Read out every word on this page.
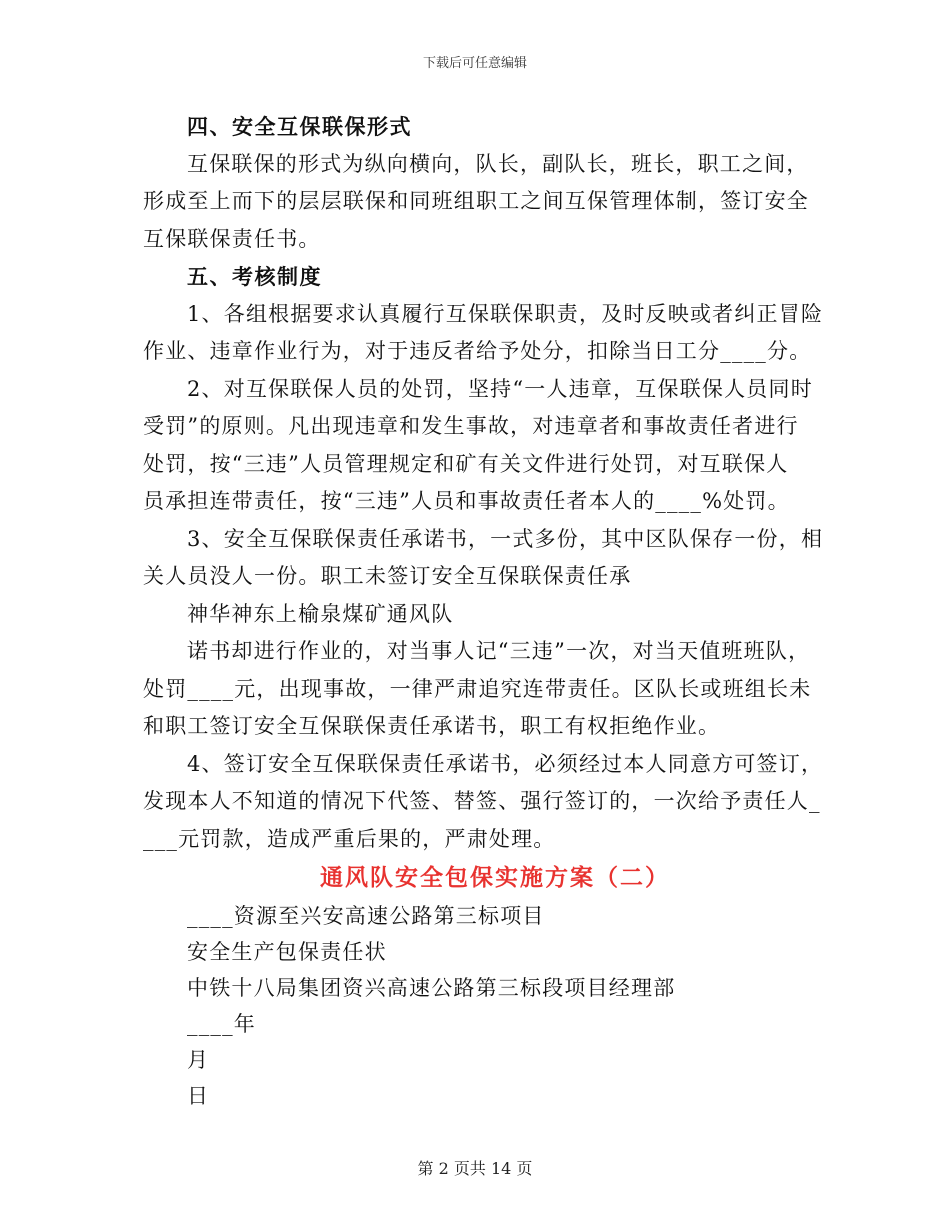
下载后可任意编辑
四、安全互保联保形式
互保联保的形式为纵向横向，队长，副队长，班长，职工之间，
形成至上而下的层层联保和同班组职工之间互保管理体制，签订安全
互保联保责任书。
五、考核制度
1、各组根据要求认真履行互保联保职责，及时反映或者纠正冒险
作业、违章作业行为，对于违反者给予处分，扣除当日工分____分。
2、对互保联保人员的处罚，坚持“一人违章，互保联保人员同时
受罚”的原则。凡出现违章和发生事故，对违章者和事故责任者进行
处罚，按“三违”人员管理规定和矿有关文件进行处罚，对互联保人
员承担连带责任，按“三违”人员和事故责任者本人的____%处罚。
3、安全互保联保责任承诺书，一式多份，其中区队保存一份，相
关人员没人一份。职工未签订安全互保联保责任承
神华神东上榆泉煤矿通风队
诺书却进行作业的，对当事人记“三违”一次，对当天值班班队，
处罚____元，出现事故，一律严肃追究连带责任。区队长或班组长未
和职工签订安全互保联保责任承诺书，职工有权拒绝作业。
4、签订安全互保联保责任承诺书，必须经过本人同意方可签订，
发现本人不知道的情况下代签、替签、强行签订的，一次给予责任人_
___元罚款，造成严重后果的，严肃处理。
通风队安全包保实施方案（二）
____资源至兴安高速公路第三标项目
安全生产包保责任状
中铁十八局集团资兴高速公路第三标段项目经理部
____年
月
日
第 2 页共 14 页
